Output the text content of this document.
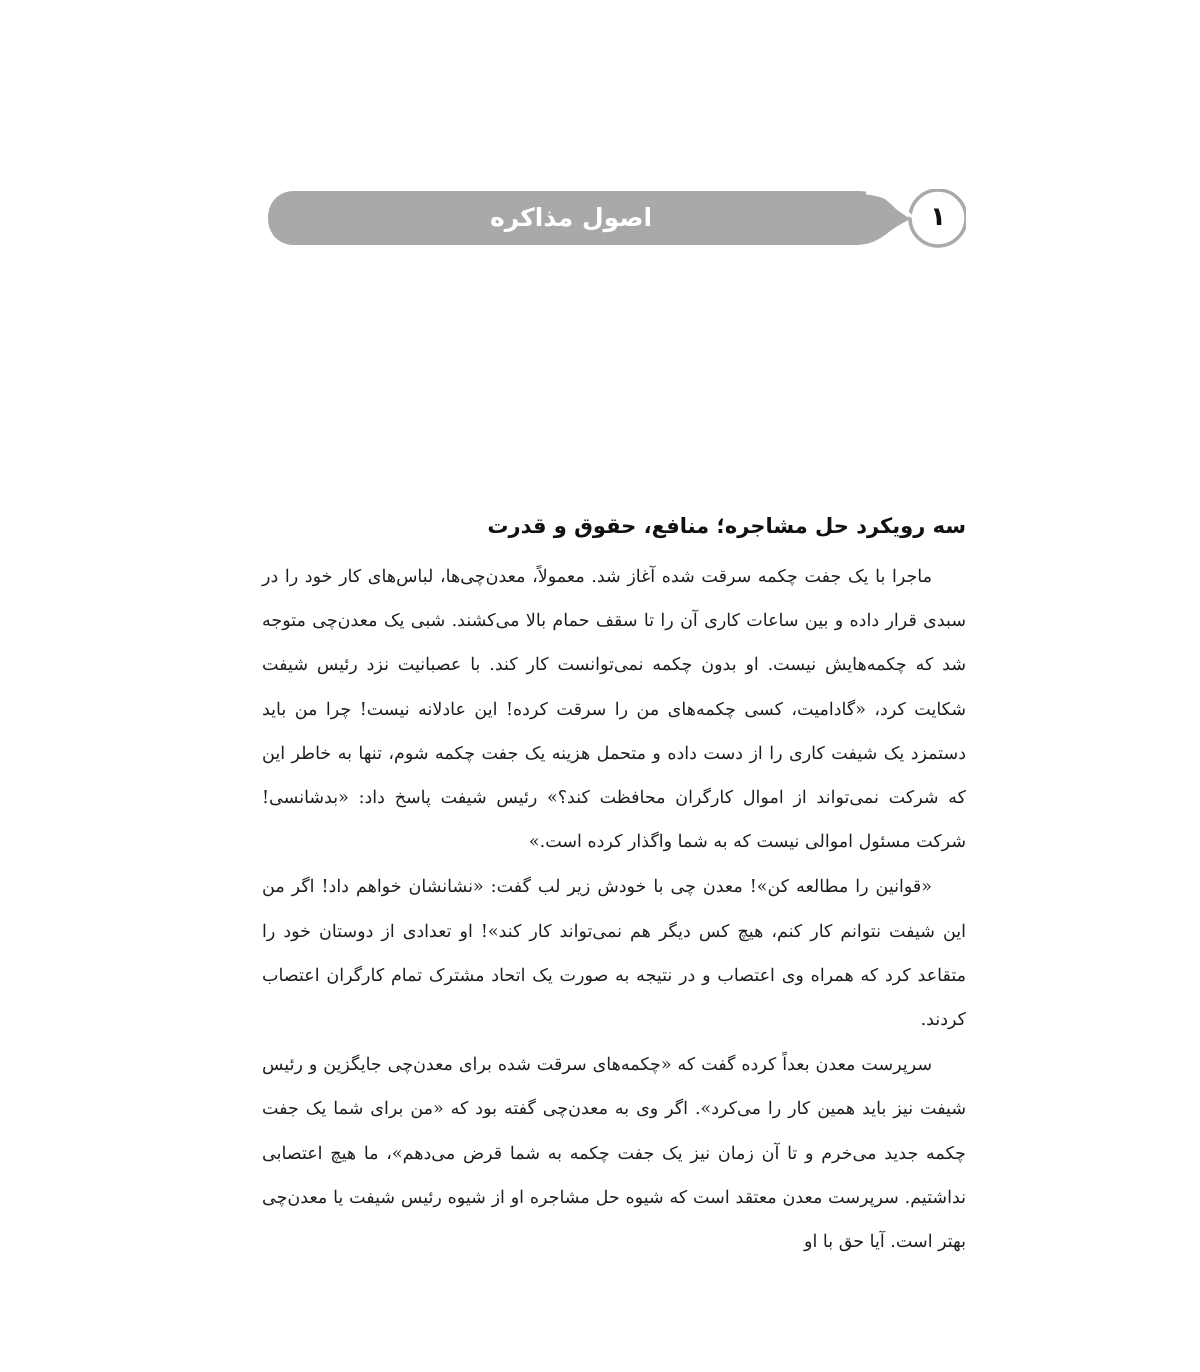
اصول مذاکره	۱
سه رویکرد حل مشاجره؛ منافع، حقوق و قدرت

ماجرا با یک جفت چکمه سرقت شده آغاز شد. معمولاً، معدن‌چی‌ها، لباس‌های کار خود را در سبدی قرار داده و بین ساعات کاری آن را تا سقف حمام بالا می‌کشند. شبی یک معدن‌چی متوجه شد که چکمه‌هایش نیست. او بدون چکمه نمی‌توانست کار کند. با عصبانیت نزد رئیس شیفت شکایت کرد، «گادامیت، کسی چکمه‌های من را سرقت کرده! این عادلانه نیست! چرا من باید دستمزد یک شیفت کاری را از دست داده و متحمل هزینه یک جفت چکمه شوم، تنها به خاطر این که شرکت نمی‌تواند از اموال کارگران محافظت کند؟» رئیس شیفت پاسخ داد: «بدشانسی! شرکت مسئول اموالی نیست که به شما واگذار کرده است.»

«قوانین را مطالعه کن»! معدن چی با خودش زیر لب گفت: «نشانشان خواهم داد! اگر من این شیفت نتوانم کار کنم، هیچ کس دیگر هم نمی‌تواند کار کند»! او تعدادی از دوستان خود را متقاعد کرد که همراه وی اعتصاب و در نتیجه به صورت یک اتحاد مشترک تمام کارگران اعتصاب کردند.

سرپرست معدن بعداً کرده گفت که «چکمه‌های سرقت شده برای معدن‌چی جایگزین و رئیس شیفت نیز باید همین کار را می‌کرد». اگر وی به معدن‌چی گفته بود که «من برای شما یک جفت چکمه جدید می‌خرم و تا آن زمان نیز یک جفت چکمه به شما قرض می‌دهم»، ما هیچ اعتصابی نداشتیم. سرپرست معدن معتقد است که شیوه حل مشاجره او از شیوه رئیس شیفت یا معدن‌چی بهتر است. آیا حق با او
